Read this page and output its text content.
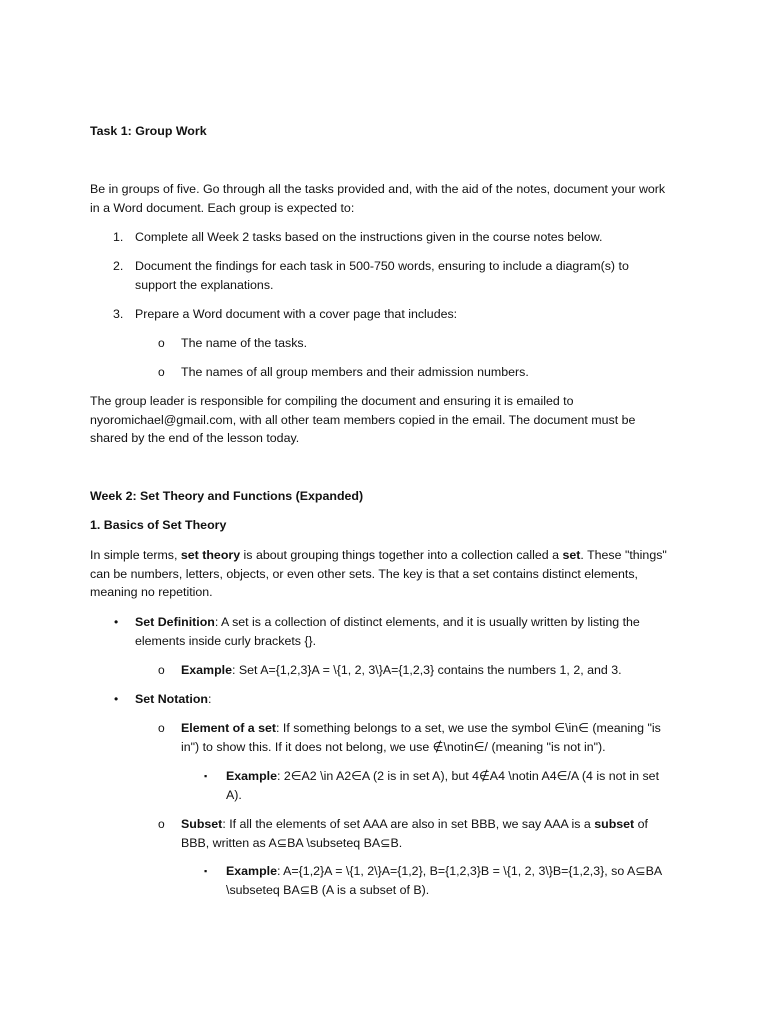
Task 1: Group Work

Be in groups of five. Go through all the tasks provided and, with the aid of the notes, document your work in a Word document. Each group is expected to:

1. Complete all Week 2 tasks based on the instructions given in the course notes below.
2. Document the findings for each task in 500-750 words, ensuring to include a diagram(s) to support the explanations.
3. Prepare a Word document with a cover page that includes:
o The name of the tasks.
o The names of all group members and their admission numbers.

The group leader is responsible for compiling the document and ensuring it is emailed to nyoromichael@gmail.com, with all other team members copied in the email. The document must be shared by the end of the lesson today.

Week 2: Set Theory and Functions (Expanded)

1. Basics of Set Theory

In simple terms, set theory is about grouping things together into a collection called a set. These "things" can be numbers, letters, objects, or even other sets. The key is that a set contains distinct elements, meaning no repetition.

• Set Definition: A set is a collection of distinct elements, and it is usually written by listing the elements inside curly brackets {}.
o Example: Set A={1,2,3}A = \{1, 2, 3\}A={1,2,3} contains the numbers 1, 2, and 3.
• Set Notation:
o Element of a set: If something belongs to a set, we use the symbol ∈\in∈ (meaning "is in") to show this. If it does not belong, we use ∉\notin∈/ (meaning "is not in").
▪ Example: 2∈A2 \in A2∈A (2 is in set A), but 4∉A4 \notin A4∈/A (4 is not in set A).
o Subset: If all the elements of set AAA are also in set BBB, we say AAA is a subset of BBB, written as A⊆BA \subseteq BA⊆B.
▪ Example: A={1,2}A = \{1, 2\}A={1,2}, B={1,2,3}B = \{1, 2, 3\}B={1,2,3}, so A⊆BA \subseteq BA⊆B (A is a subset of B).
